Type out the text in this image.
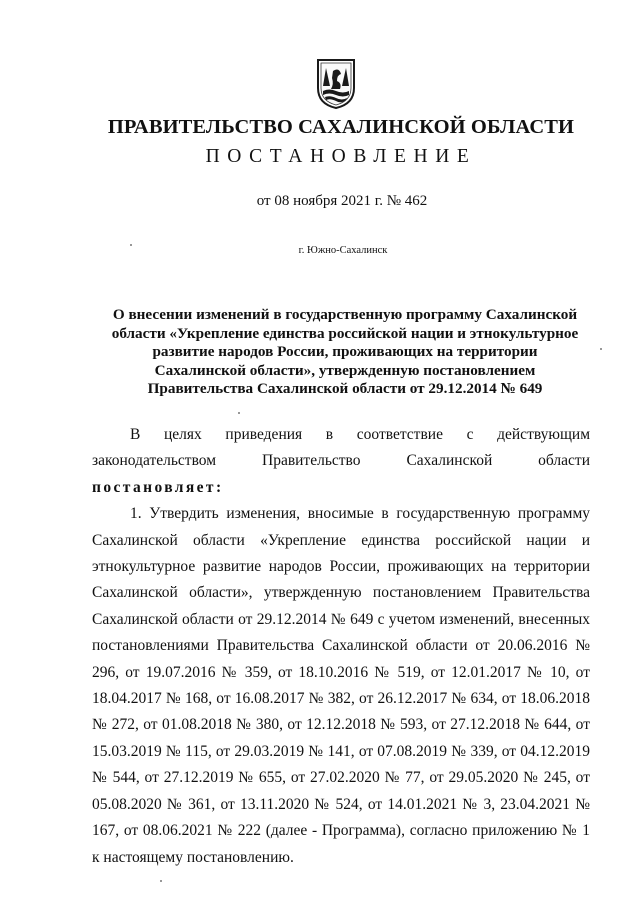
ПРАВИТЕЛЬСТВО САХАЛИНСКОЙ ОБЛАСТИ
ПОСТАНОВЛЕНИЕ
от 08 ноября 2021 г. № 462
г. Южно-Сахалинск
О внесении изменений в государственную программу Сахалинской области «Укрепление единства российской нации и этнокультурное развитие народов России, проживающих на территории Сахалинской области», утвержденную постановлением Правительства Сахалинской области от 29.12.2014 № 649

В целях приведения в соответствие с действующим законодательством Правительство Сахалинской области постановляет:

1. Утвердить изменения, вносимые в государственную программу Сахалинской области «Укрепление единства российской нации и этнокультурное развитие народов России, проживающих на территории Сахалинской области», утвержденную постановлением Правительства Сахалинской области от 29.12.2014 № 649 с учетом изменений, внесенных постановлениями Правительства Сахалинской области от 20.06.2016 № 296, от 19.07.2016 № 359, от 18.10.2016 № 519, от 12.01.2017 № 10, от 18.04.2017 № 168, от 16.08.2017 № 382, от 26.12.2017 № 634, от 18.06.2018 № 272, от 01.08.2018 № 380, от 12.12.2018 № 593, от 27.12.2018 № 644, от 15.03.2019 № 115, от 29.03.2019 № 141, от 07.08.2019 № 339, от 04.12.2019 № 544, от 27.12.2019 № 655, от 27.02.2020 № 77, от 29.05.2020 № 245, от 05.08.2020 № 361, от 13.11.2020 № 524, от 14.01.2021 № 3, 23.04.2021 № 167, от 08.06.2021 № 222 (далее - Программа), согласно приложению № 1 к настоящему постановлению.
